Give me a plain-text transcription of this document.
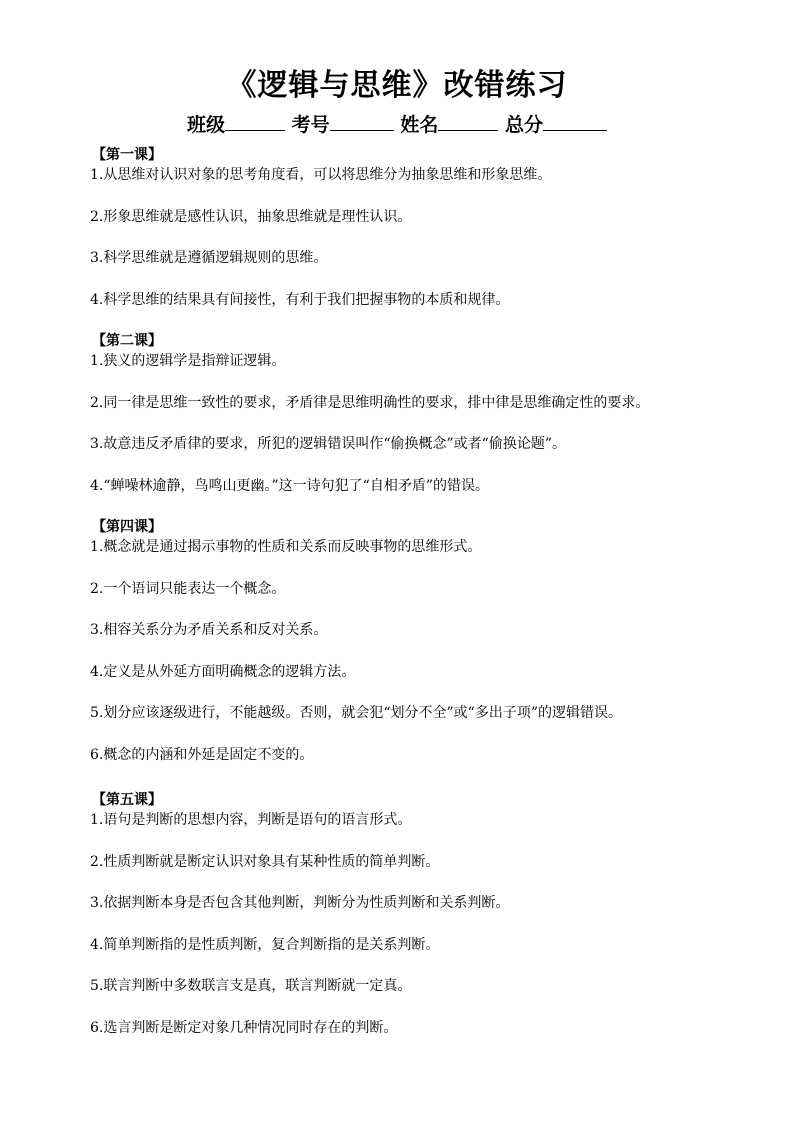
《逻辑与思维》改错练习
班级	考号	姓名	总分
【第一课】
1.从思维对认识对象的思考角度看，可以将思维分为抽象思维和形象思维。
2.形象思维就是感性认识，抽象思维就是理性认识。
3.科学思维就是遵循逻辑规则的思维。
4.科学思维的结果具有间接性，有利于我们把握事物的本质和规律。
【第二课】
1.狭义的逻辑学是指辩证逻辑。
2.同一律是思维一致性的要求，矛盾律是思维明确性的要求，排中律是思维确定性的要求。
3.故意违反矛盾律的要求，所犯的逻辑错误叫作“偷换概念”或者“偷换论题”。
4.“蝉噪林逾静，鸟鸣山更幽。”这一诗句犯了“自相矛盾”的错误。
【第四课】
1.概念就是通过揭示事物的性质和关系而反映事物的思维形式。
2.一个语词只能表达一个概念。
3.相容关系分为矛盾关系和反对关系。
4.定义是从外延方面明确概念的逻辑方法。
5.划分应该逐级进行，不能越级。否则，就会犯“划分不全”或“多出子项”的逻辑错误。
6.概念的内涵和外延是固定不变的。
【第五课】
1.语句是判断的思想内容，判断是语句的语言形式。
2.性质判断就是断定认识对象具有某种性质的简单判断。
3.依据判断本身是否包含其他判断，判断分为性质判断和关系判断。
4.简单判断指的是性质判断，复合判断指的是关系判断。
5.联言判断中多数联言支是真，联言判断就一定真。
6.选言判断是断定对象几种情况同时存在的判断。
